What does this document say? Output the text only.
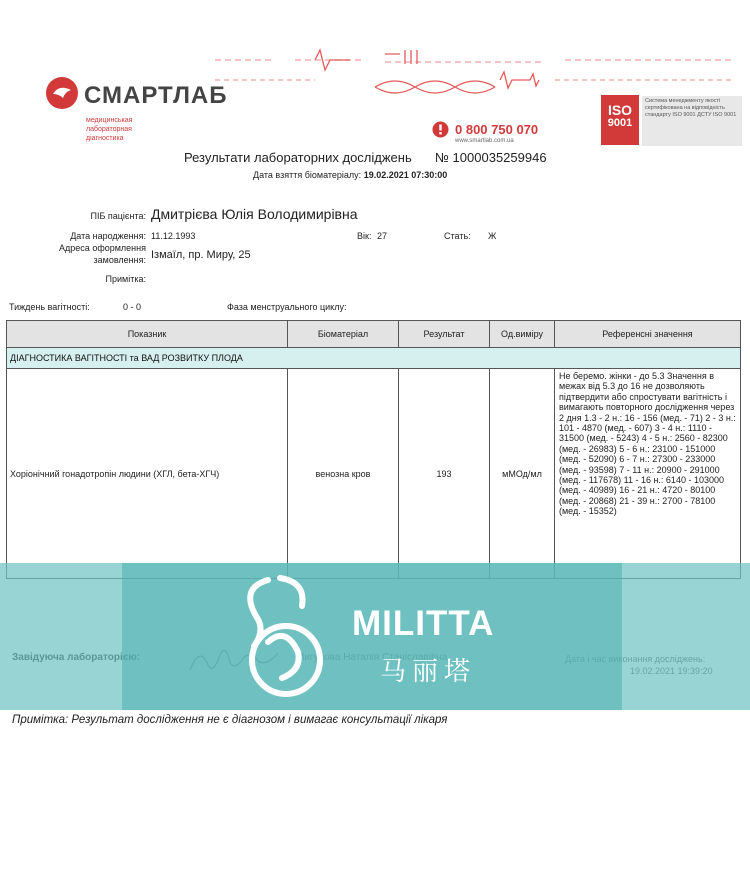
СМАРТЛАБ
медицинськая лабораторная діагностика
0 800 750 070
www.smartlab.com.ua
ISO
9001
Система менеджменту якості сертифікована на відповідність стандарту ISO 9001 ДСТУ ISO 9001
Результати лабораторних досліджень № 1000035259946
Дата взяття біоматеріалу: 19.02.2021 07:30:00
ПІБ пацієнта: Дмитрієва Юлія Володимирівна
Дата народження: 11.12.1993	Вік: 27	Стать: Ж
Адреса оформлення
замовлення: Ізмаїл, пр. Миру, 25
Примітка:
Тиждень вагітності:	0 - 0	Фаза менструального циклу:
Показник	Біоматеріал	Результат	Од.виміру	Референсні значення
ДІАГНОСТИКА ВАГІТНОСТІ та ВАД РОЗВИТКУ ПЛОДА				
Хоріонічний гонадотропін людини (ХГЛ, бета-ХГЧ)	венозна кров	193	мМОд/мл	Не беремо. жінки - до 5.3 Значення в межах від 5.3 до 16 не дозволяють підтвердити або спростувати вагітність і вимагають повторного дослідження через 2 дня 1.3 - 2 н.: 16 - 156 (мед. - 71) 2 - 3 н.: 101 - 4870 (мед. - 607) 3 - 4 н.: 1110 - 31500 (мед. - 5243) 4 - 5 н.: 2560 - 82300 (мед. - 26983) 5 - 6 н.: 23100 - 151000 (мед. - 52090) 6 - 7 н.: 27300 - 233000 (мед. - 93598) 7 - 11 н.: 20900 - 291000 (мед. - 117678) 11 - 16 н.: 6140 - 103000 (мед. - 40989) 16 - 21 н.: 4720 - 80100 (мед. - 20868) 21 - 39 н.: 2700 - 78100 (мед. - 15352)
MILITTA
马丽塔
Примітка: Результат дослідження не є діагнозом і вимагає консультації лікаря
